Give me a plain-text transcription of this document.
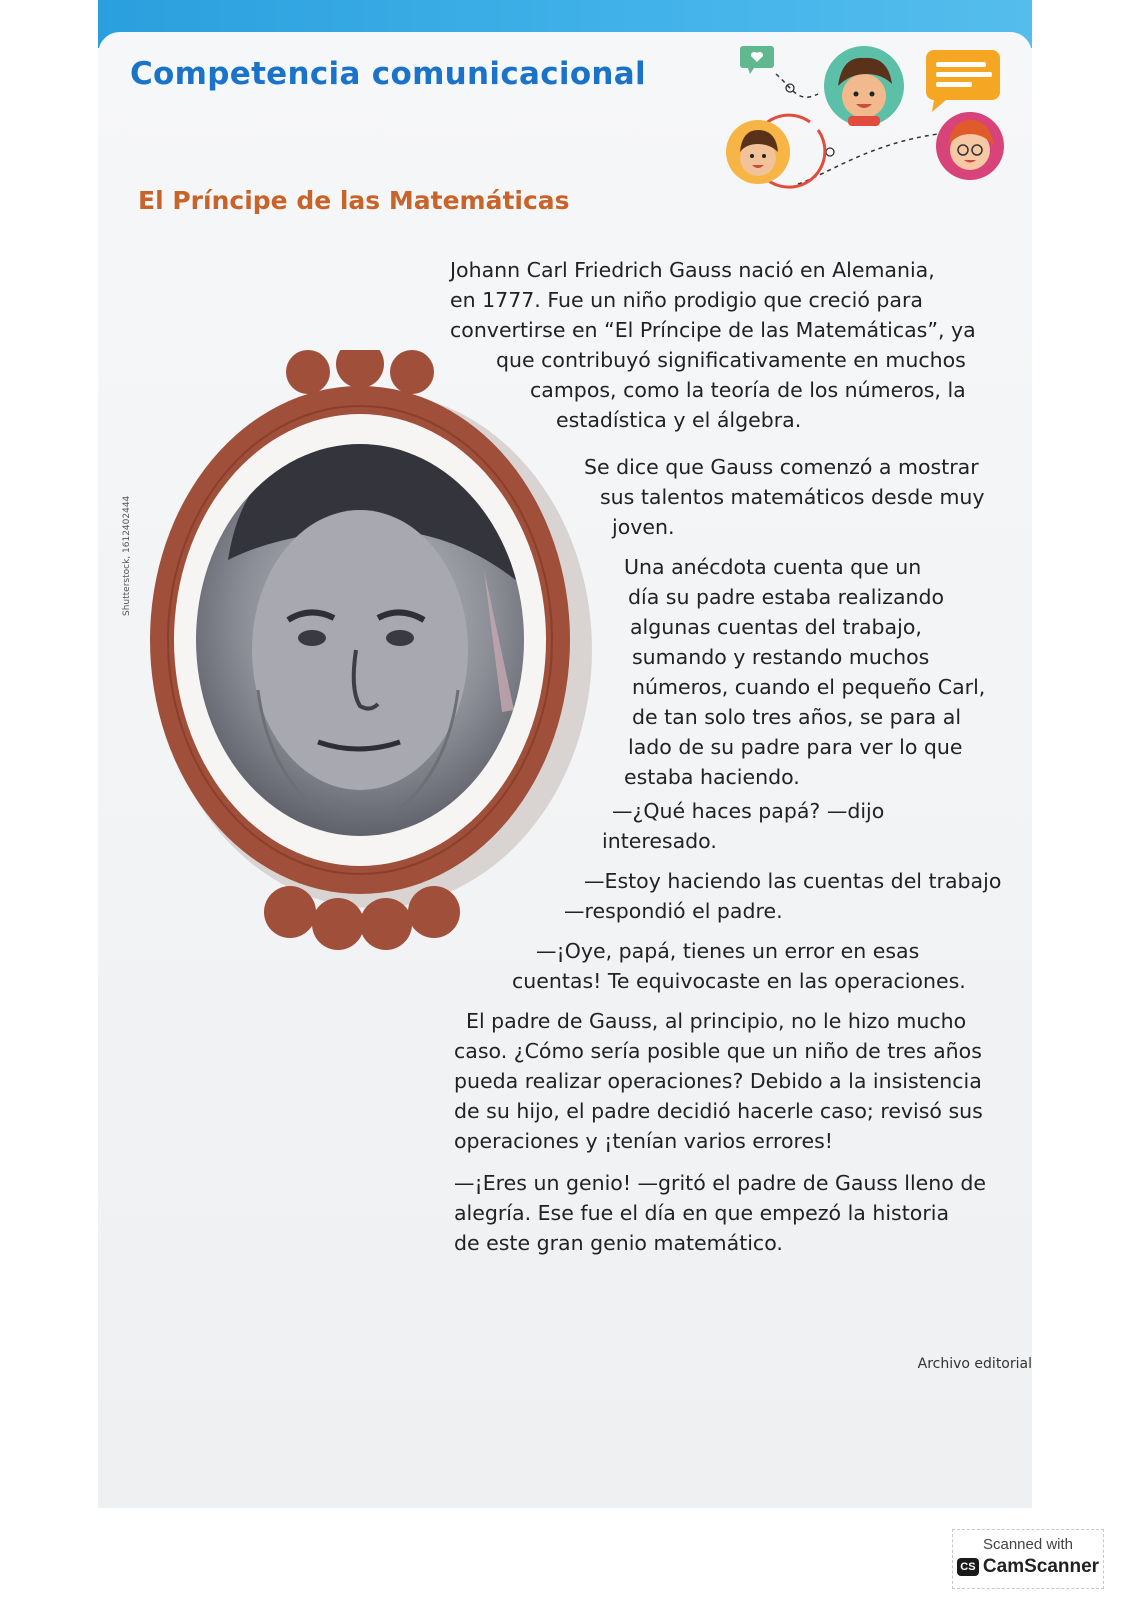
Competencia comunicacional
El Príncipe de las Matemáticas
Shutterstock, 1612402444

Johann Carl Friedrich Gauss nació en Alemania,
en 1777. Fue un niño prodigio que creció para
convertirse en “El Príncipe de las Matemáticas”, ya
que contribuyó significativamente en muchos
campos, como la teoría de los números, la
estadística y el álgebra.

Se dice que Gauss comenzó a mostrar
sus talentos matemáticos desde muy
joven.

Una anécdota cuenta que un
día su padre estaba realizando
algunas cuentas del trabajo,
sumando y restando muchos
números, cuando el pequeño Carl,
de tan solo tres años, se para al
lado de su padre para ver lo que
estaba haciendo.

—¿Qué haces papá? —dijo
interesado.

—Estoy haciendo las cuentas del trabajo
—respondió el padre.

—¡Oye, papá, tienes un error en esas
cuentas! Te equivocaste en las operaciones.

El padre de Gauss, al principio, no le hizo mucho
caso. ¿Cómo sería posible que un niño de tres años
pueda realizar operaciones? Debido a la insistencia
de su hijo, el padre decidió hacerle caso; revisó sus
operaciones y ¡tenían varios errores!

—¡Eres un genio! —gritó el padre de Gauss lleno de
alegría. Ese fue el día en que empezó la historia
de este gran genio matemático.

Archivo editorial

Scanned with
CS CamScanner
